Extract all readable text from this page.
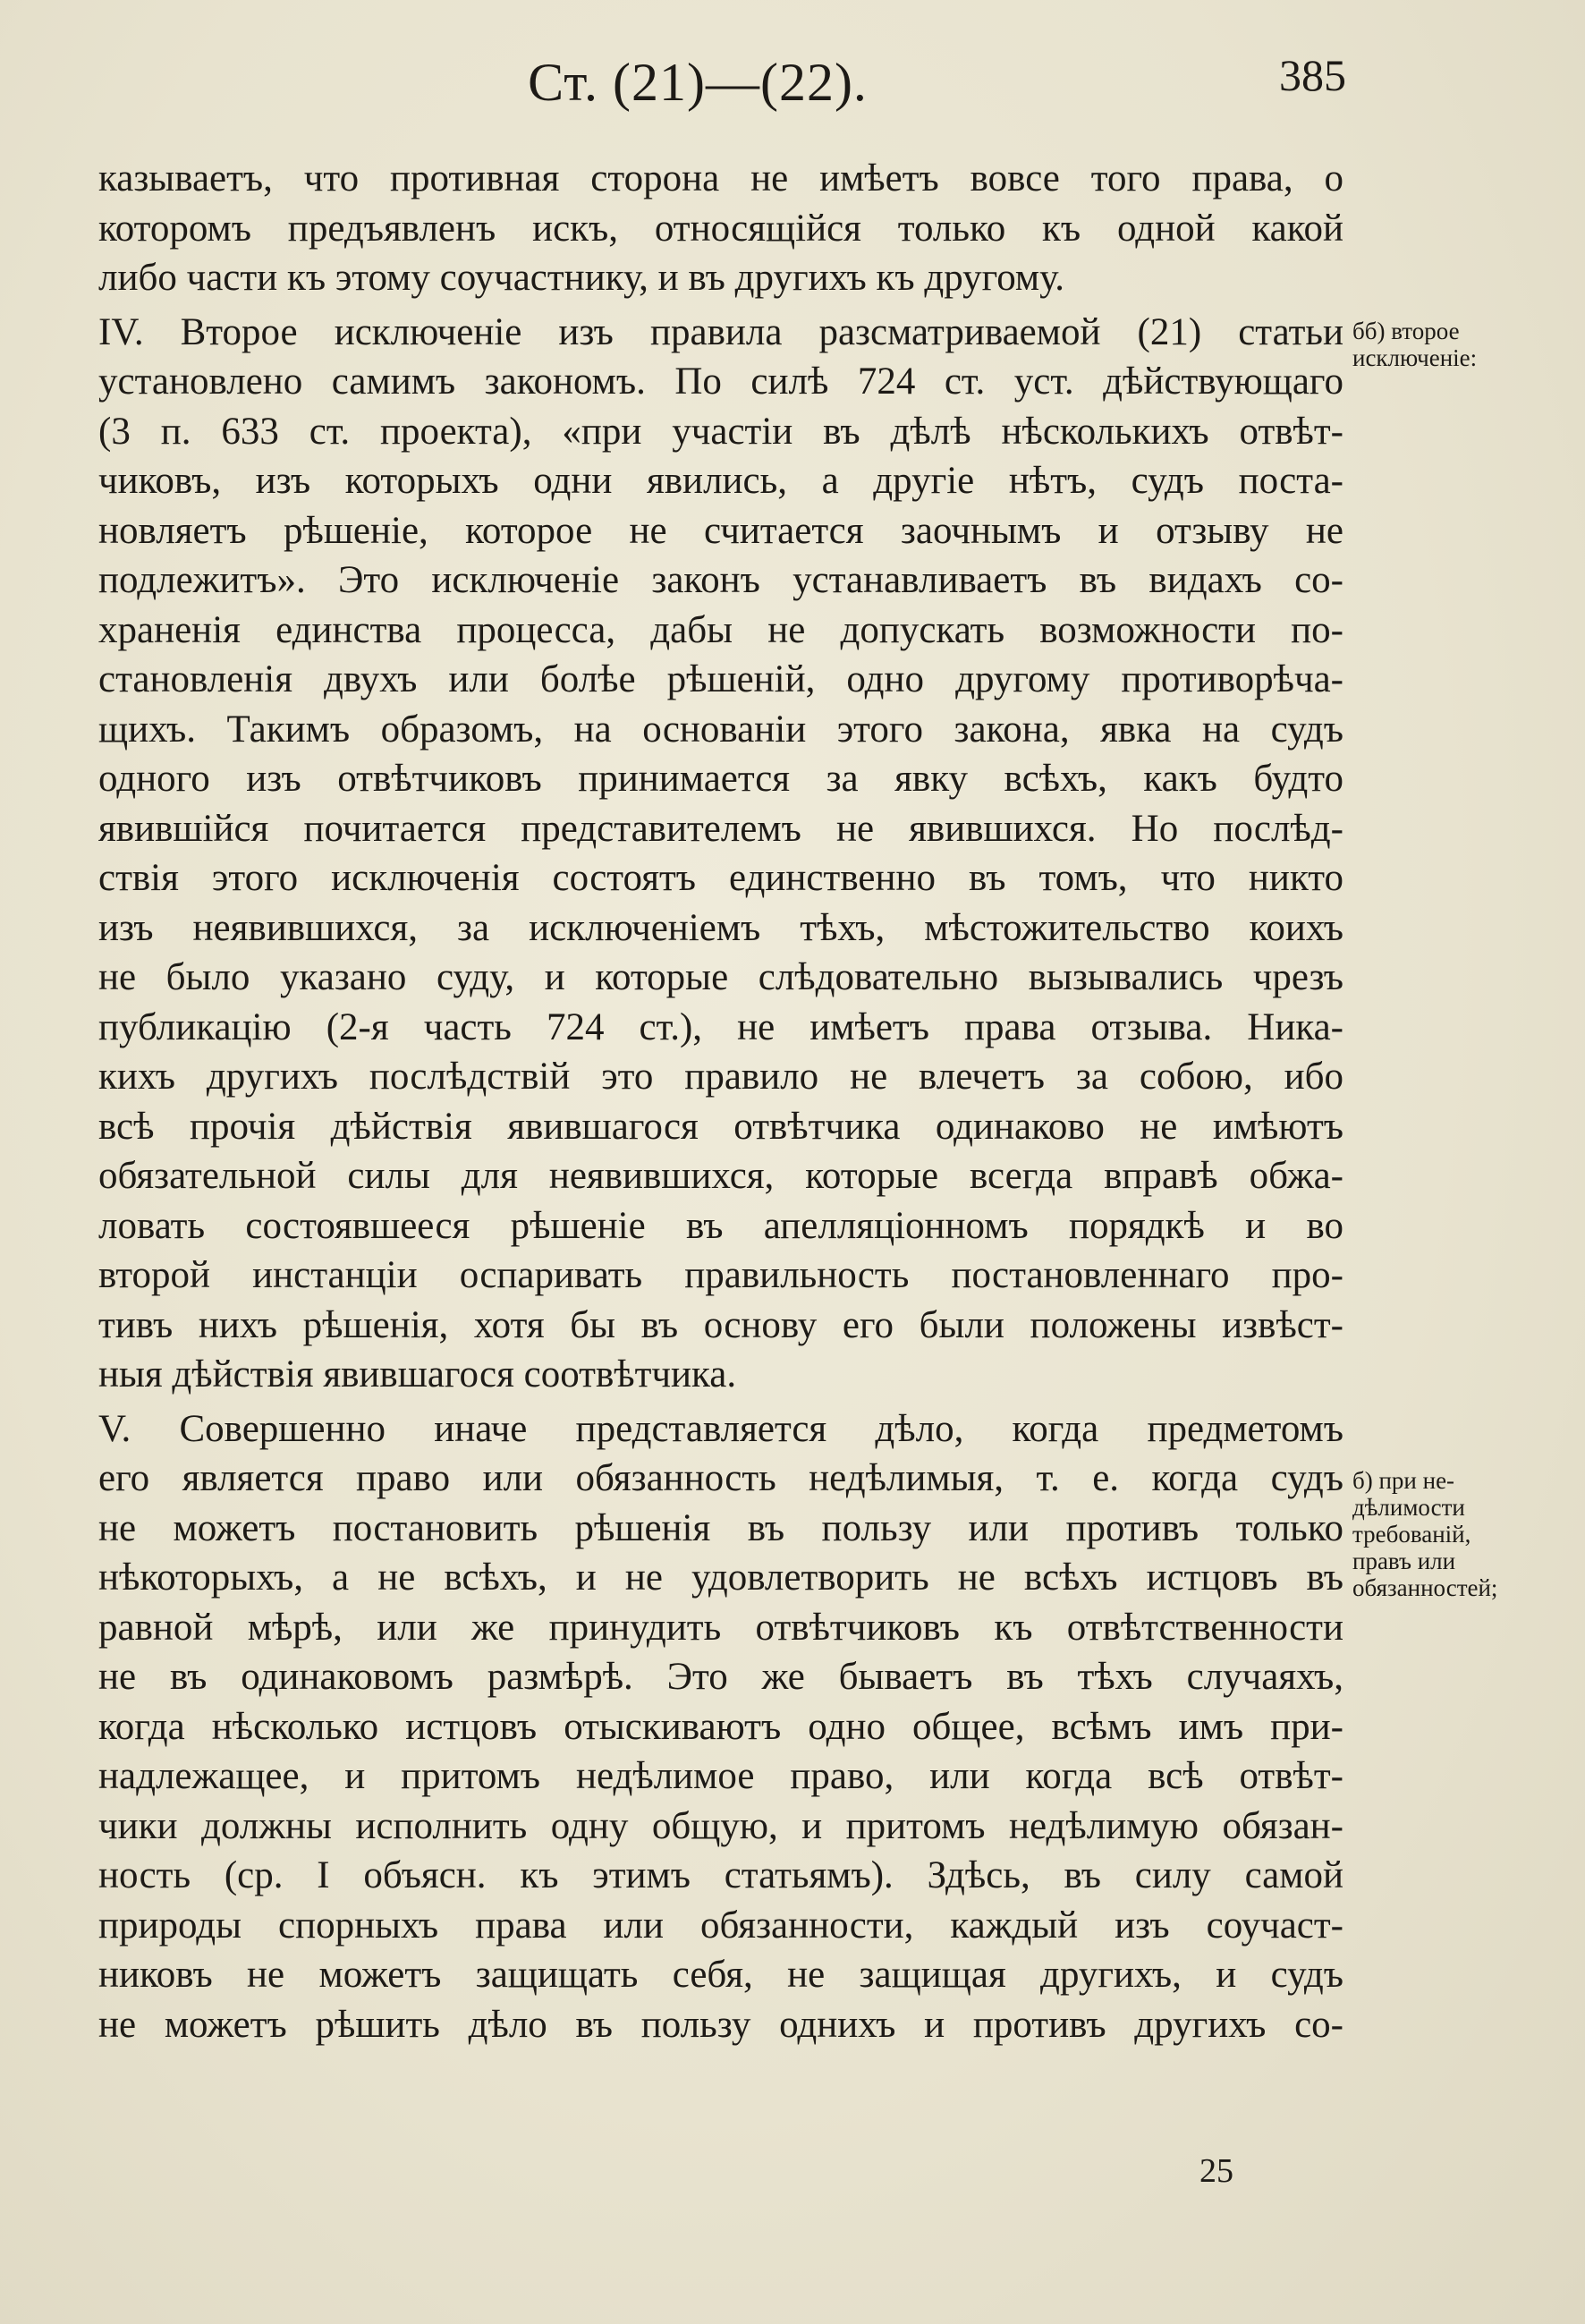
Ст. (21)—(22).	385
казываетъ, что противная сторона не имѣетъ вовсе того права, о
которомъ предъявленъ искъ, относящійся только къ одной какой
либо части къ этому соучастнику, и въ другихъ къ другому.
IV. Второе исключеніе изъ правила разсматриваемой (21) статьи
установлено самимъ закономъ. По силѣ 724 ст. уст. дѣйствующаго
(3 п. 633 ст. проекта), «при участіи въ дѣлѣ нѣсколькихъ отвѣт-
чиковъ, изъ которыхъ одни явились, а другіе нѣтъ, судъ поста-
новляетъ рѣшеніе, которое не считается заочнымъ и отзыву не
подлежитъ». Это исключеніе законъ устанавливаетъ въ видахъ со-
храненія единства процесса, дабы не допускать возможности по-
становленія двухъ или болѣе рѣшеній, одно другому противорѣча-
щихъ. Такимъ образомъ, на основаніи этого закона, явка на судъ
одного изъ отвѣтчиковъ принимается за явку всѣхъ, какъ будто
явившійся почитается представителемъ не явившихся. Но послѣд-
ствія этого исключенія состоятъ единственно въ томъ, что никто
изъ неявившихся, за исключеніемъ тѣхъ, мѣстожительство коихъ
не было указано суду, и которые слѣдовательно вызывались чрезъ
публикацію (2-я часть 724 ст.), не имѣетъ права отзыва. Ника-
кихъ другихъ послѣдствій это правило не влечетъ за собою, ибо
всѣ прочія дѣйствія явившагося отвѣтчика одинаково не имѣютъ
обязательной силы для неявившихся, которые всегда вправѣ обжа-
ловать состоявшееся рѣшеніе въ апелляціонномъ порядкѣ и во
второй инстанціи оспаривать правильность постановленнаго про-
тивъ нихъ рѣшенія, хотя бы въ основу его были положены извѣст-
ныя дѣйствія явившагося соотвѣтчика.
V. Совершенно иначе представляется дѣло, когда предметомъ
его является право или обязанность недѣлимыя, т. е. когда судъ
не можетъ постановить рѣшенія въ пользу или противъ только
нѣкоторыхъ, а не всѣхъ, и не удовлетворить не всѣхъ истцовъ въ
равной мѣрѣ, или же принудить отвѣтчиковъ къ отвѣтственности
не въ одинаковомъ размѣрѣ. Это же бываетъ въ тѣхъ случаяхъ,
когда нѣсколько истцовъ отыскиваютъ одно общее, всѣмъ имъ при-
надлежащее, и притомъ недѣлимое право, или когда всѣ отвѣт-
чики должны исполнить одну общую, и притомъ недѣлимую обязан-
ность (ср. I объясн. къ этимъ статьямъ). Здѣсь, въ силу самой
природы спорныхъ права или обязанности, каждый изъ соучаст-
никовъ не можетъ защищать себя, не защищая другихъ, и судъ
не можетъ рѣшить дѣло въ пользу однихъ и противъ другихъ со-
бб) второе
исключеніе:
б) при не-
дѣлимости
требованій,
правъ или
обязанностей;
25
